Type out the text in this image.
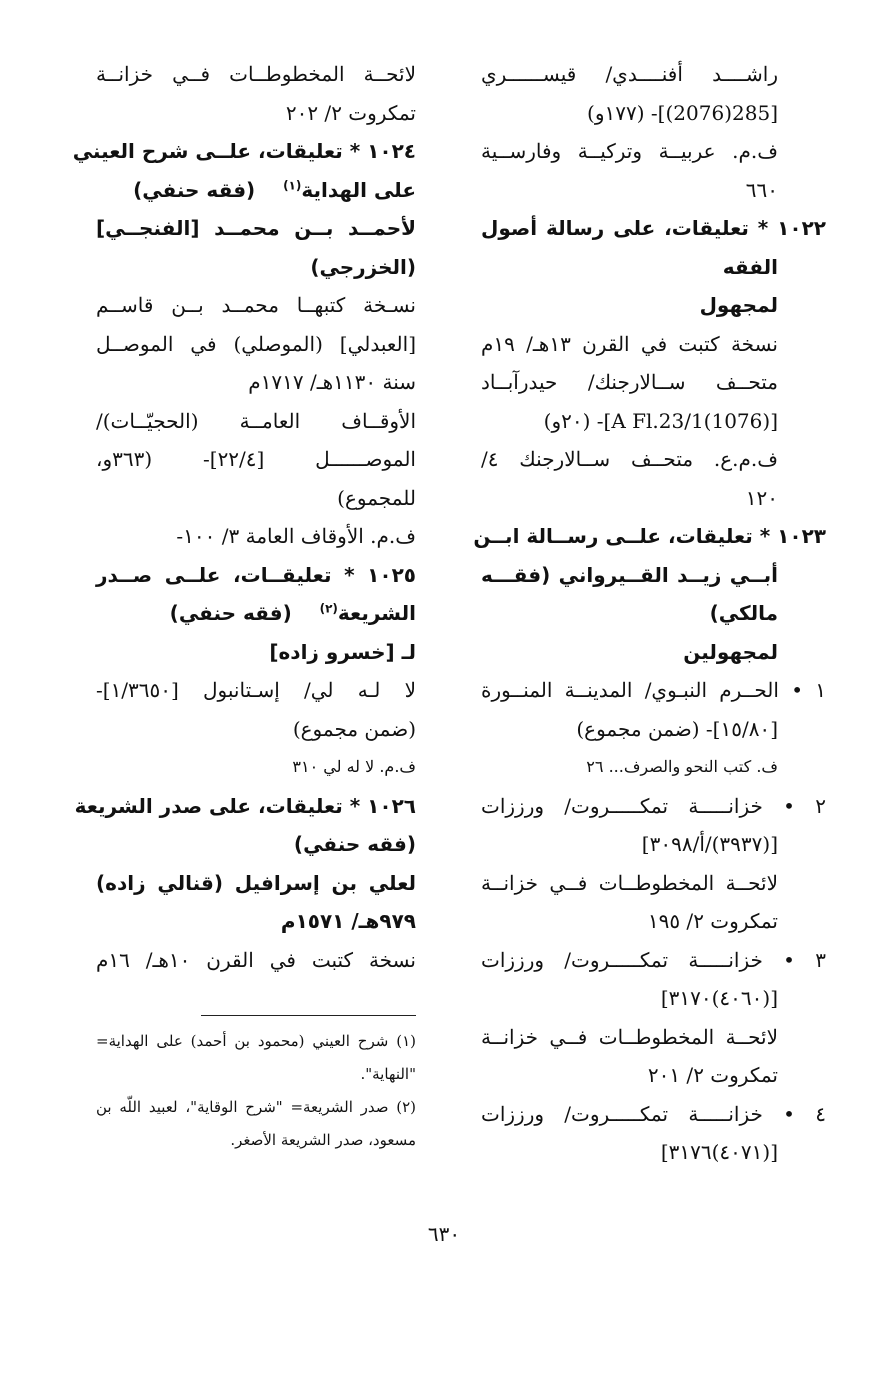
راشــــد أفنــــدي/ قيســــــري
[285(2076)]- (١٧٧و)
ف.م. عربيــة وتركيــة وفارســية
٦٦٠
١٠٢٢ * تعليقات، على رسالة أصول
الفقه
لمجهول
نسخة كتبت في القرن ١٣هـ/ ١٩م
متحــف ســالارجنك/ حيدرآبــاد
[(1076)A Fl.23/1]- (٢٠و)
ف.م.ع. متحــف ســالارجنك ٤/
١٢٠
١٠٢٣ * تعليقات، علــى رســالة ابــن
أبــي زيــد القــيرواني (فقـــه
مالكي)
لمجهولين
١ • الحــرم النبـوي/ المدينــة المنــورة
[١٥/٨٠]- (ضمن مجموع)
ف. كتب النحو والصرف... ٢٦
٢ • خزانـــــة تمكـــــروت/ ورززات
[(٣٩٣٧)/أ/٣٠٩٨]
لائحــة المخطوطــات فــي خزانــة
تمكروت ٢/ ١٩٥
٣ • خزانـــــة تمكـــــروت/ ورززات
[(٤٠٦٠)٣١٧٠]
لائحــة المخطوطــات فــي خزانــة
تمكروت ٢/ ٢٠١
٤ • خزانـــــة تمكـــــروت/ ورززات
[(٤٠٧١)٣١٧٦]
لائحــة المخطوطــات فــي خزانــة
تمكروت ٢/ ٢٠٢
١٠٢٤ * تعليقات، علــى شرح العيني
على الهداية$^{(١)}$    (فقه حنفي)
لأحمــد بــن محمــد [الفنجــي]
(الخزرجي)
نسـخة كتبهــا محمــد بــن قاســم
[العبدلي] (الموصلي) في الموصــل
سنة ١١٣٠هـ/ ١٧١٧م
الأوقــاف العامــة (الحجيّــات)/
الموصــــــل [٢٢/٤]- (٣٦٣و،
للمجموع)
ف.م. الأوقاف العامة ٣/ ١٠٠-
١٠٢٥ * تعليقــات، علــى صــدر
الشريعة$^{(٢)}$    (فقه حنفي)
لـ [خسرو زاده]
لا لـه لي/ إسـتانبول [١/٣٦٥٠]-
(ضمن مجموع)
ف.م. لا له لي ٣١٠
١٠٢٦ * تعليقات، على صدر الشريعة
(فقه حنفي)
لعلي بن إسرافيل (قنالي زاده)
٩٧٩هـ/ ١٥٧١م
نسخة كتبت في القرن ١٠هـ/ ١٦م
(١) شرح العيني (محمود بن أحمد) على الهداية=
"النهاية".
(٢) صدر الشريعة= "شرح الوقاية"، لعبيد اللّه بن
مسعود، صدر الشريعة الأصغر.
٦٣٠
